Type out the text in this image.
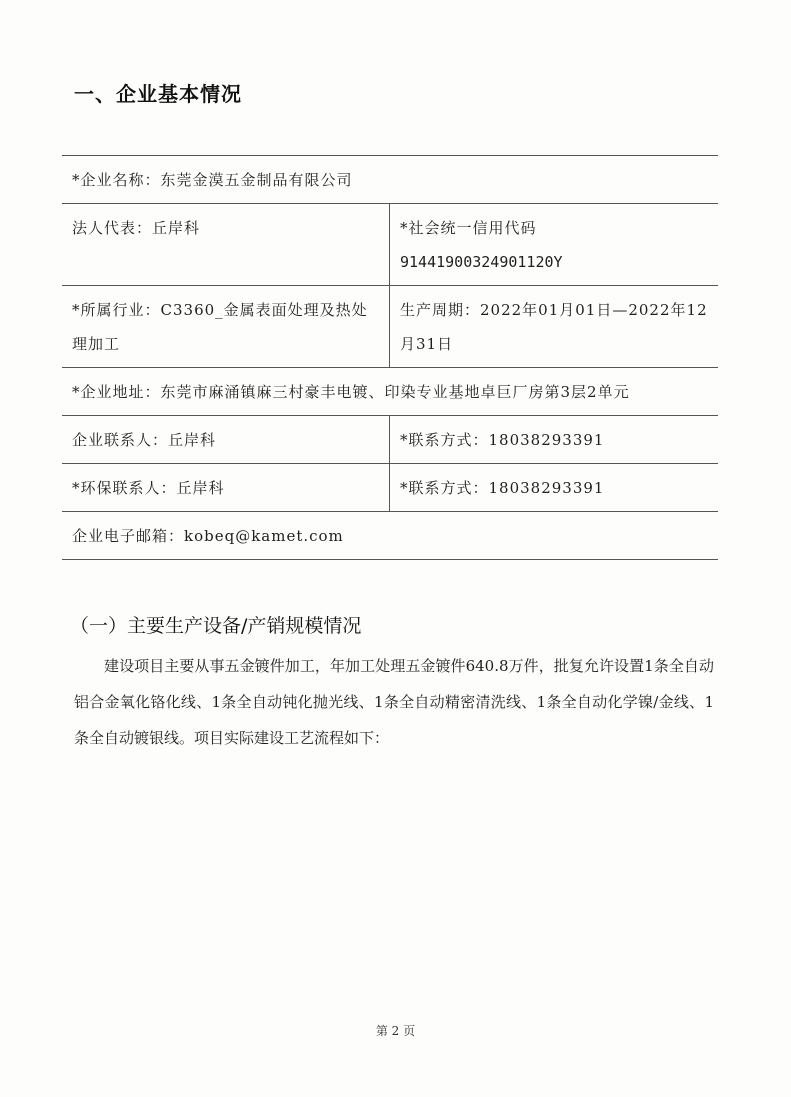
一、企业基本情况
*企业名称：东莞金漠五金制品有限公司
法人代表：丘岸科	*社会统一信用代码
91441900324901120Y
*所属行业：C3360_金属表面处理及热处理加工
生产周期：2022年01月01日—2022年12月31日
*企业地址：东莞市麻涌镇麻三村豪丰电镀、印染专业基地卓巨厂房第3层2单元
企业联系人：丘岸科	*联系方式：18038293391
*环保联系人：丘岸科	*联系方式：18038293391
企业电子邮箱：kobeq@kamet.com
（一）主要生产设备/产销规模情况
建设项目主要从事五金镀件加工，年加工处理五金镀件640.8万件，批复允许设置1条全自动铝合金氧化铬化线、1条全自动钝化抛光线、1条全自动精密清洗线、1条全自动化学镍/金线、1条全自动镀银线。项目实际建设工艺流程如下：
第 2 页
